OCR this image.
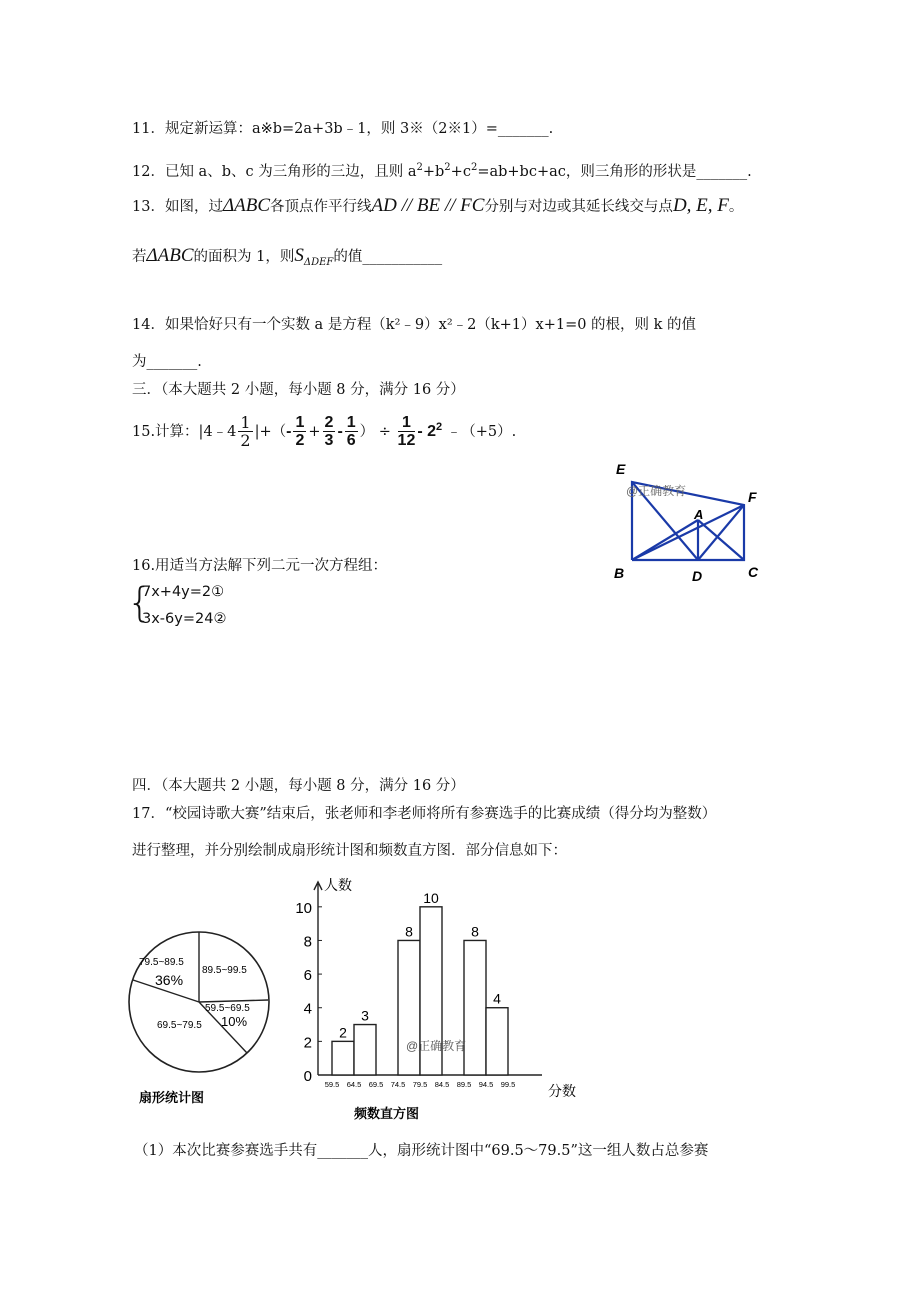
11．规定新运算：a※b=2a+3b﹣1，则 3※（2※1）=_______.
12．已知 a、b、c 为三角形的三边，且则 $a^2+b^2+c^2=ab+bc+ac$，则三角形的形状是_______.
13．如图，过ΔABC各顶点作平行线AD // BE // FC分别与对边或其延长线交与点D, E, F。
若ΔABC的面积为 1，则$S_{\Delta DEF}$的值___________
14．如果恰好只有一个实数 a 是方程（k²﹣9）x²﹣2（k+1）x+1=0 的根，则 k 的值
为_______.
三．（本大题共 2 小题，每小题 8 分，满分 16 分）
15.计算：|4﹣4 $\frac{1}{2}$ |+（- $\frac{1}{2} + \frac{2}{3} - \frac{1}{6}$ ） ÷ $\frac{1}{12} - 2^2$ ﹣（+5）.
E
F
A
B	D	C
@正确教育
16.用适当方法解下列二元一次方程组：
{
7x+4y=2①
3x-6y=24②
四．（本大题共 2 小题，每小题 8 分，满分 16 分）
17．“校园诗歌大赛”结束后，张老师和李老师将所有参赛选手的比赛成绩（得分均为整数）
进行整理，并分别绘制成扇形统计图和频数直方图．部分信息如下：
79.5~89.5
36%
89.5~99.5
59.5~69.5
69.5~79.5 10%
扇形统计图
人数
分数
0
2
4
6
8
10
59.5 64.5 69.5 74.5 79.5 84.5 89.5 94.5 99.5
2
3
8
10
8
4
@正确教育
频数直方图
（1）本次比赛参赛选手共有_______人，扇形统计图中“69.5～79.5”这一组人数占总参赛
